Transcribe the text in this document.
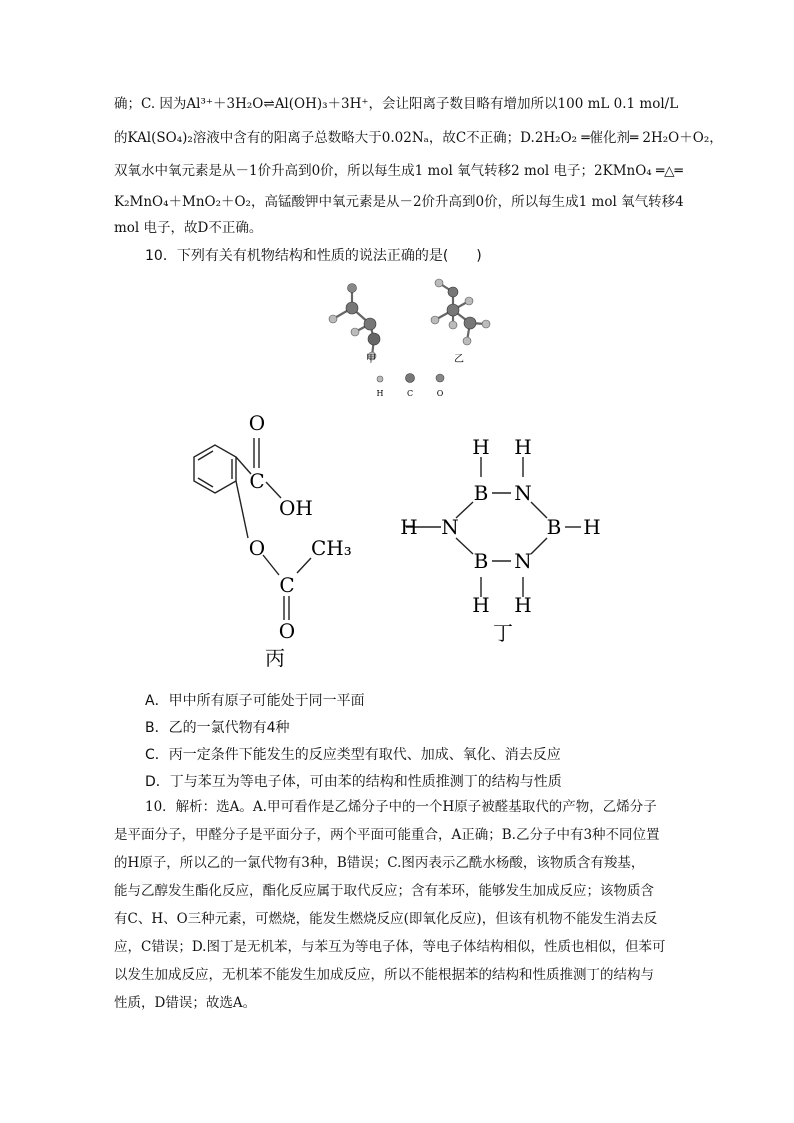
确；C. 因为Al³⁺＋3H₂O⇌Al(OH)₃＋3H⁺，会让阳离子数目略有增加所以100 mL 0.1 mol/L
的KAl(SO₄)₂溶液中含有的阳离子总数略大于0.02Nₐ，故C不正确；D.2H₂O₂ ═催化剂═ 2H₂O＋O₂，
双氧水中氧元素是从－1价升高到0价，所以每生成1 mol 氧气转移2 mol 电子；2KMnO₄ ═△═
K₂MnO₄＋MnO₂＋O₂，高锰酸钾中氧元素是从－2价升高到0价，所以每生成1 mol 氧气转移4
mol 电子，故D不正确。
10．下列有关有机物结构和性质的说法正确的是(　　)
甲	乙
H	C	O
O
C
OH
O CH₃
C
O
丙
H H
B N
H N	B H
B N
H H
丁
A．甲中所有原子可能处于同一平面
B．乙的一氯代物有4种
C．丙一定条件下能发生的反应类型有取代、加成、氧化、消去反应
D．丁与苯互为等电子体，可由苯的结构和性质推测丁的结构与性质
10．解析：选A。A.甲可看作是乙烯分子中的一个H原子被醛基取代的产物，乙烯分子
是平面分子，甲醛分子是平面分子，两个平面可能重合，A正确；B.乙分子中有3种不同位置
的H原子，所以乙的一氯代物有3种，B错误；C.图丙表示乙酰水杨酸，该物质含有羧基，
能与乙醇发生酯化反应，酯化反应属于取代反应；含有苯环，能够发生加成反应；该物质含
有C、H、O三种元素，可燃烧，能发生燃烧反应(即氧化反应)，但该有机物不能发生消去反
应，C错误；D.图丁是无机苯，与苯互为等电子体，等电子体结构相似，性质也相似，但苯可
以发生加成反应，无机苯不能发生加成反应，所以不能根据苯的结构和性质推测丁的结构与
性质，D错误；故选A。
